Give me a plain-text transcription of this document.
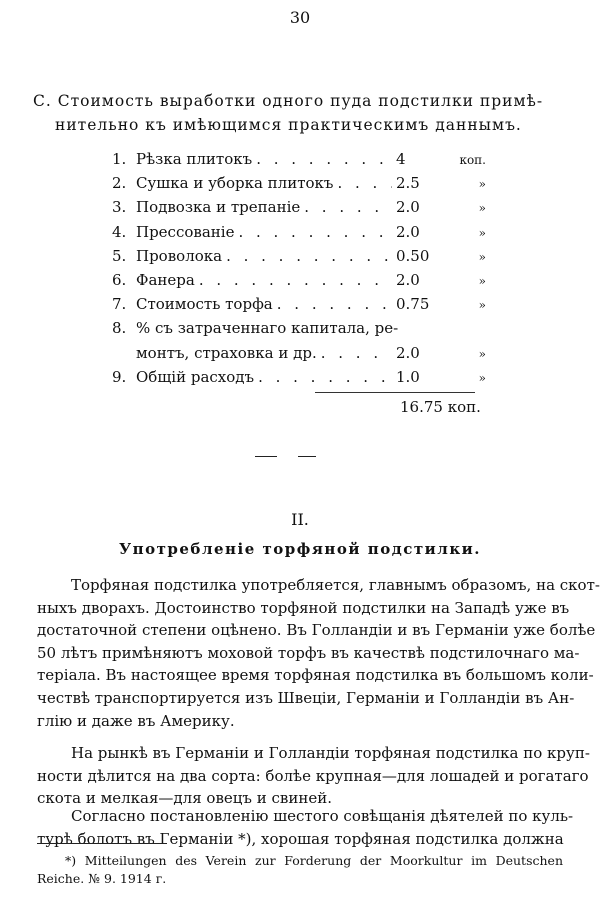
30
С. Стоимость выработки одного пуда подстилки примѣ-
нительно къ имѣющимся практическимъ даннымъ.
1. Рѣзка плитокъ . . .	4	коп.
2. Сушка и уборка плитокъ . . .	2.5	»
3. Подвозка и трепаніе . . .	2.0	»
4. Прессованіе . . .	2.0	»
5. Проволока . . .	0.50	»
6. Фанера . . .	2.0	»
7. Стоимость торфа . . .	0.75	»
8. % съ затраченнаго капитала, ре-
монтъ, страховка и др. . . .	2.0	»
9. Общій расходъ . . .	1.0	»
16.75 коп.
II.
Употребленіе торфяной подстилки.
Торфяная подстилка употребляется, главнымъ образомъ, на скот-
ныхъ дворахъ. Достоинство торфяной подстилки на Западѣ уже въ
достаточной степени оцѣнено. Въ Голландіи и въ Германіи уже болѣе
50 лѣтъ примѣняютъ моховой торфъ въ качествѣ подстилочнаго ма-
теріала. Въ настоящее время торфяная подстилка въ большомъ коли-
чествѣ транспортируется изъ Швеціи, Германіи и Голландіи въ Ан-
глію и даже въ Америку.
На рынкѣ въ Германіи и Голландіи торфяная подстилка по круп-
ности дѣлится на два сорта: болѣе крупная—для лошадей и рогатаго
скота и мелкая—для овецъ и свиней.
Согласно постановленію шестого совѣщанія дѣятелей по куль-
турѣ болотъ въ Германіи *), хорошая торфяная подстилка должна
*) Mitteilungen des Verein zur Forderung der Moorkultur im Deutschen
Reiche. № 9. 1914 г.
